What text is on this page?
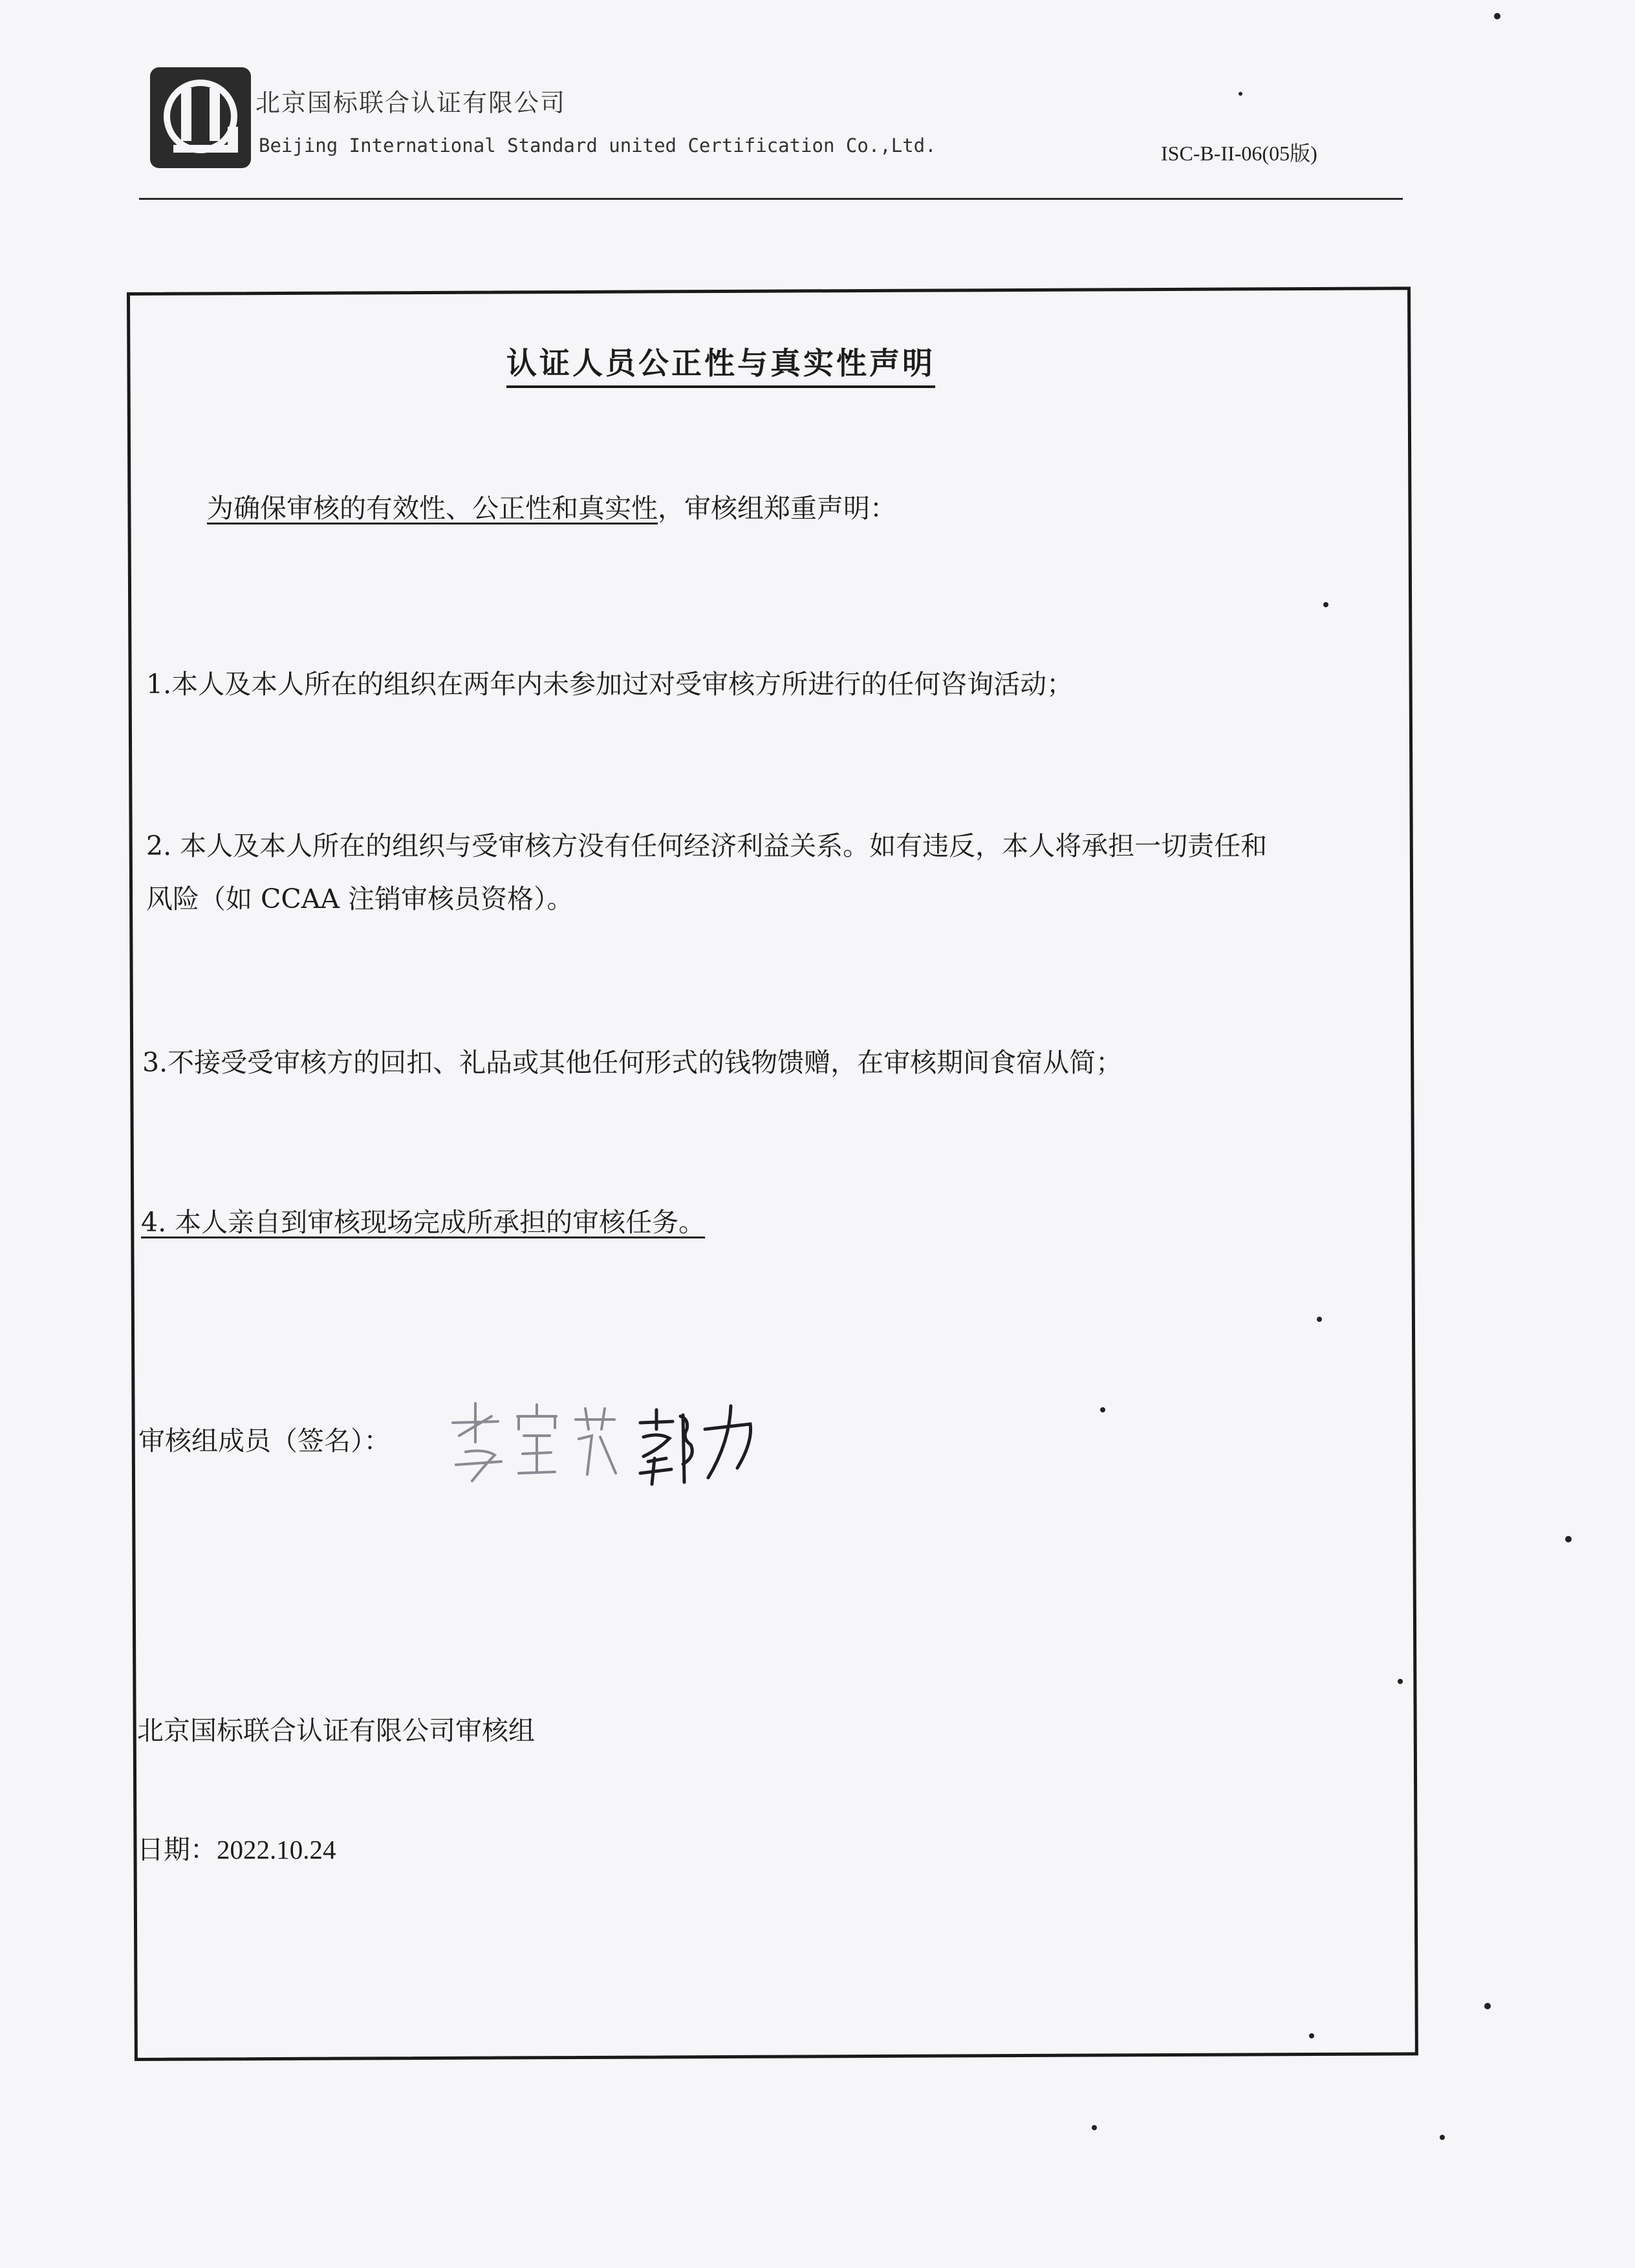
北京国标联合认证有限公司
Beijing International Standard united Certification Co.,Ltd.	ISC-B-II-06(05版)
认证人员公正性与真实性声明
为确保审核的有效性、公正性和真实性，审核组郑重声明：
1.本人及本人所在的组织在两年内未参加过对受审核方所进行的任何咨询活动；
2. 本人及本人所在的组织与受审核方没有任何经济利益关系。如有违反，本人将承担一切责任和
风险（如 CCAA 注销审核员资格）。
3.不接受受审核方的回扣、礼品或其他任何形式的钱物馈赠，在审核期间食宿从简；
4. 本人亲自到审核现场完成所承担的审核任务。
审核组成员（签名）：
北京国标联合认证有限公司审核组
日期：2022.10.24
